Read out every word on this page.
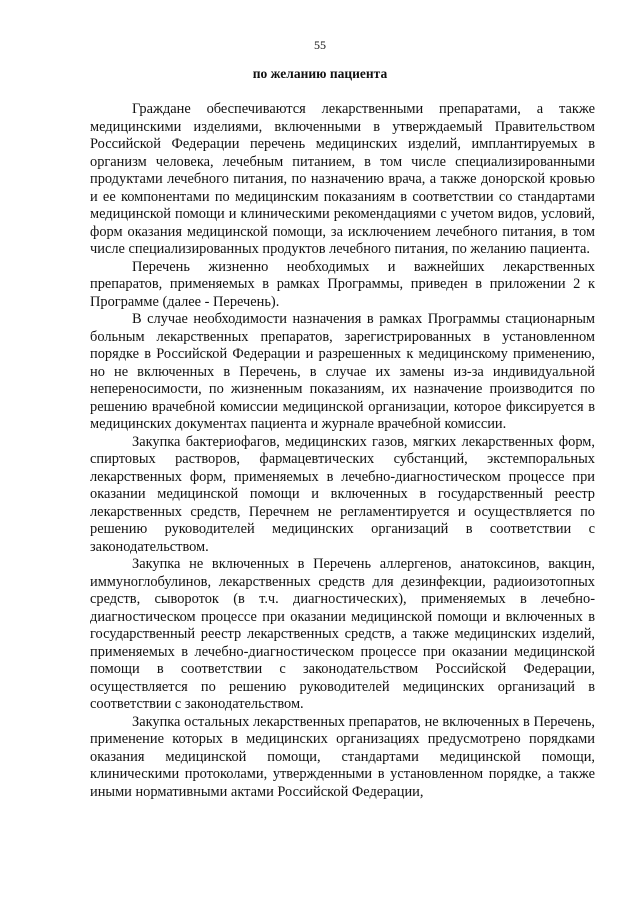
55
по желанию пациента

Граждане обеспечиваются лекарственными препаратами, а также медицинскими изделиями, включенными в утверждаемый Правительством Российской Федерации перечень медицинских изделий, имплантируемых в организм человека, лечебным питанием, в том числе специализированными продуктами лечебного питания, по назначению врача, а также донорской кровью и ее компонентами по медицинским показаниям в соответствии со стандартами медицинской помощи и клиническими рекомендациями с учетом видов, условий, форм оказания медицинской помощи, за исключением лечебного питания, в том числе специализированных продуктов лечебного питания, по желанию пациента.

Перечень жизненно необходимых и важнейших лекарственных препаратов, применяемых в рамках Программы, приведен в приложении 2 к Программе (далее - Перечень).

В случае необходимости назначения в рамках Программы стационарным больным лекарственных препаратов, зарегистрированных в установленном порядке в Российской Федерации и разрешенных к медицинскому применению, но не включенных в Перечень, в случае их замены из-за индивидуальной непереносимости, по жизненным показаниям, их назначение производится по решению врачебной комиссии медицинской организации, которое фиксируется в медицинских документах пациента и журнале врачебной комиссии.

Закупка бактериофагов, медицинских газов, мягких лекарственных форм, спиртовых растворов, фармацевтических субстанций, экстемпоральных лекарственных форм, применяемых в лечебно-диагностическом процессе при оказании медицинской помощи и включенных в государственный реестр лекарственных средств, Перечнем не регламентируется и осуществляется по решению руководителей медицинских организаций в соответствии с законодательством.

Закупка не включенных в Перечень аллергенов, анатоксинов, вакцин, иммуноглобулинов, лекарственных средств для дезинфекции, радиоизотопных средств, сывороток (в т.ч. диагностических), применяемых в лечебно-диагностическом процессе при оказании медицинской помощи и включенных в государственный реестр лекарственных средств, а также медицинских изделий, применяемых в лечебно-диагностическом процессе при оказании медицинской помощи в соответствии с законодательством Российской Федерации, осуществляется по решению руководителей медицинских организаций в соответствии с законодательством.

Закупка остальных лекарственных препаратов, не включенных в Перечень, применение которых в медицинских организациях предусмотрено порядками оказания медицинской помощи, стандартами медицинской помощи, клиническими протоколами, утвержденными в установленном порядке, а также иными нормативными актами Российской Федерации,
